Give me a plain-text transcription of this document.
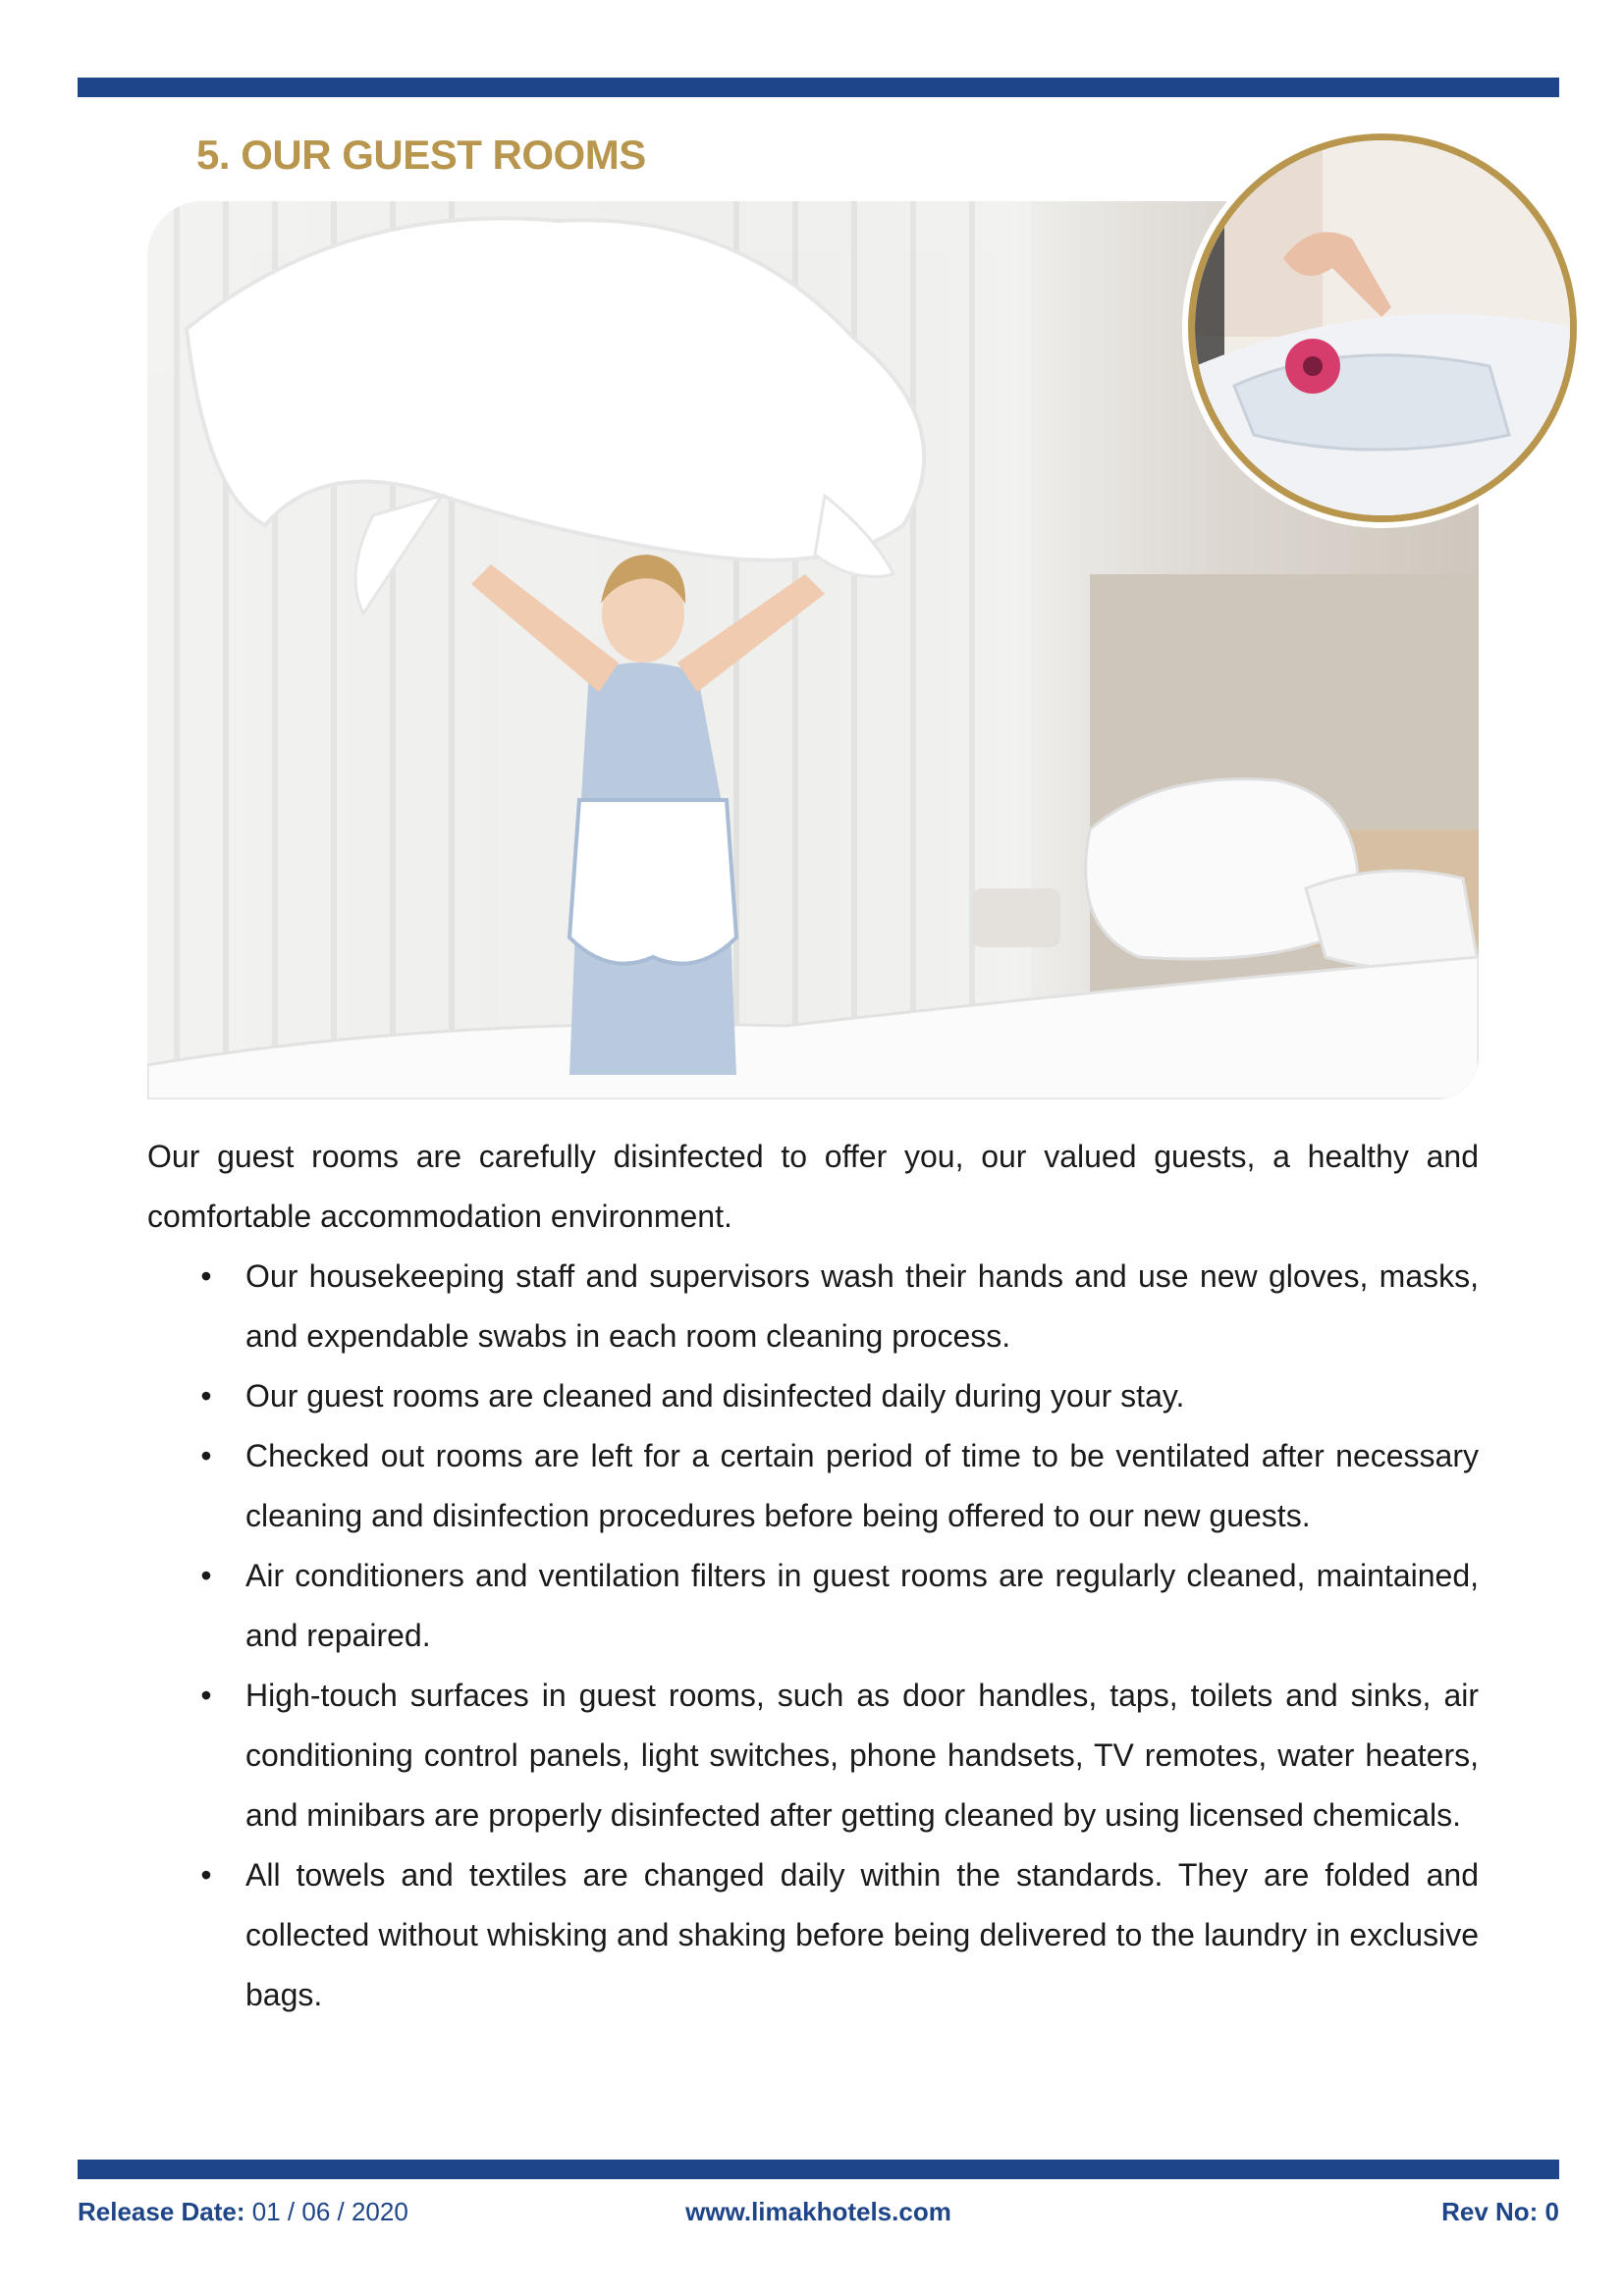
5. OUR GUEST ROOMS

Our guest rooms are carefully disinfected to offer you, our valued guests, a healthy and comfortable accommodation environment.

• Our housekeeping staff and supervisors wash their hands and use new gloves, masks, and expendable swabs in each room cleaning process.
• Our guest rooms are cleaned and disinfected daily during your stay.
• Checked out rooms are left for a certain period of time to be ventilated after necessary cleaning and disinfection procedures before being offered to our new guests.
• Air conditioners and ventilation filters in guest rooms are regularly cleaned, maintained, and repaired.
• High-touch surfaces in guest rooms, such as door handles, taps, toilets and sinks, air conditioning control panels, light switches, phone handsets, TV remotes, water heaters, and minibars are properly disinfected after getting cleaned by using licensed chemicals.
• All towels and textiles are changed daily within the standards. They are folded and collected without whisking and shaking before being delivered to the laundry in exclusive bags.
Release Date: 01 / 06 / 2020	www.limakhotels.com	Rev No: 0
